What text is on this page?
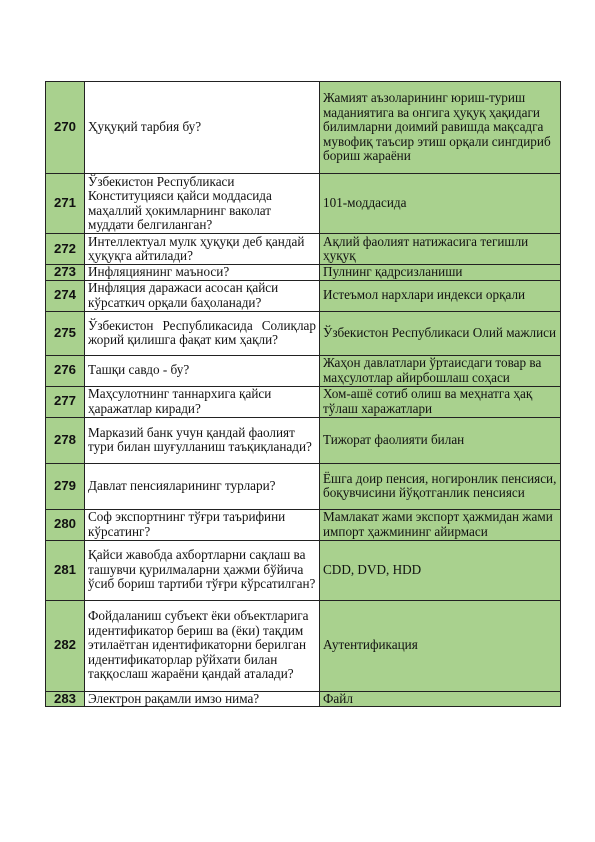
270	Ҳуқуқий тарбия бу?	Жамият аъзоларининг юриш-туриш маданиятига ва онгига ҳуқуқ ҳақидаги билимларни доимий равишда мақсадга мувофиқ таъсир этиш орқали сингдириб бориш жараёни
271	Ўзбекистон Республикаси Конституцияси қайси моддасида маҳаллий ҳокимларнинг ваколат муддати белгиланган?	101-моддасида
272	Интеллектуал мулк ҳуқуқи деб қандай ҳуқуқга айтилади?	Ақлий фаолият натижасига тегишли ҳуқуқ
273	Инфляциянинг маъноси?	Пулнинг қадрсизланиши
274	Инфляция даражаси асосан қайси кўрсаткич орқали баҳоланади?	Истеъмол нархлари индекси орқали
275	Ўзбекистон Республикасида Солиқлар жорий қилишга фақат ким ҳақли?	Ўзбекистон Республикаси Олий мажлиси
276	Ташқи савдо - бу?	Жаҳон давлатлари ўртаисдаги товар ва маҳсулотлар айирбошлаш соҳаси
277	Маҳсулотнинг таннархига қайси ҳаражатлар киради?	Хом-ашё сотиб олиш ва меҳнатга ҳақ тўлаш харажатлари
278	Марказий банк учун қандай фаолият тури билан шуғулланиш таъқиқланади?	Тижорат фаолияти билан
279	Давлат пенсияларининг турлари?	Ёшга доир пенсия, ногиронлик пенсияси, боқувчисини йўқотганлик пенсияси
280	Соф экспортнинг тўғри таърифини кўрсатинг?	Мамлакат жами экспорт ҳажмидан жами импорт ҳажмининг айирмаси
281	Қайси жавобда ахбортларни сақлаш ва ташувчи қурилмаларни ҳажми бўйича ўсиб бориш тартиби тўғри кўрсатилган?	CDD, DVD, HDD
282	Фойдаланиш субъект ёки объектларига идентификатор бериш ва (ёки) тақдим этилаётган идентификаторни берилган идентификаторлар рўйхати билан таққослаш жараёни қандай аталади?	Аутентификация
283	Электрон рақамли имзо нима?	Файл
